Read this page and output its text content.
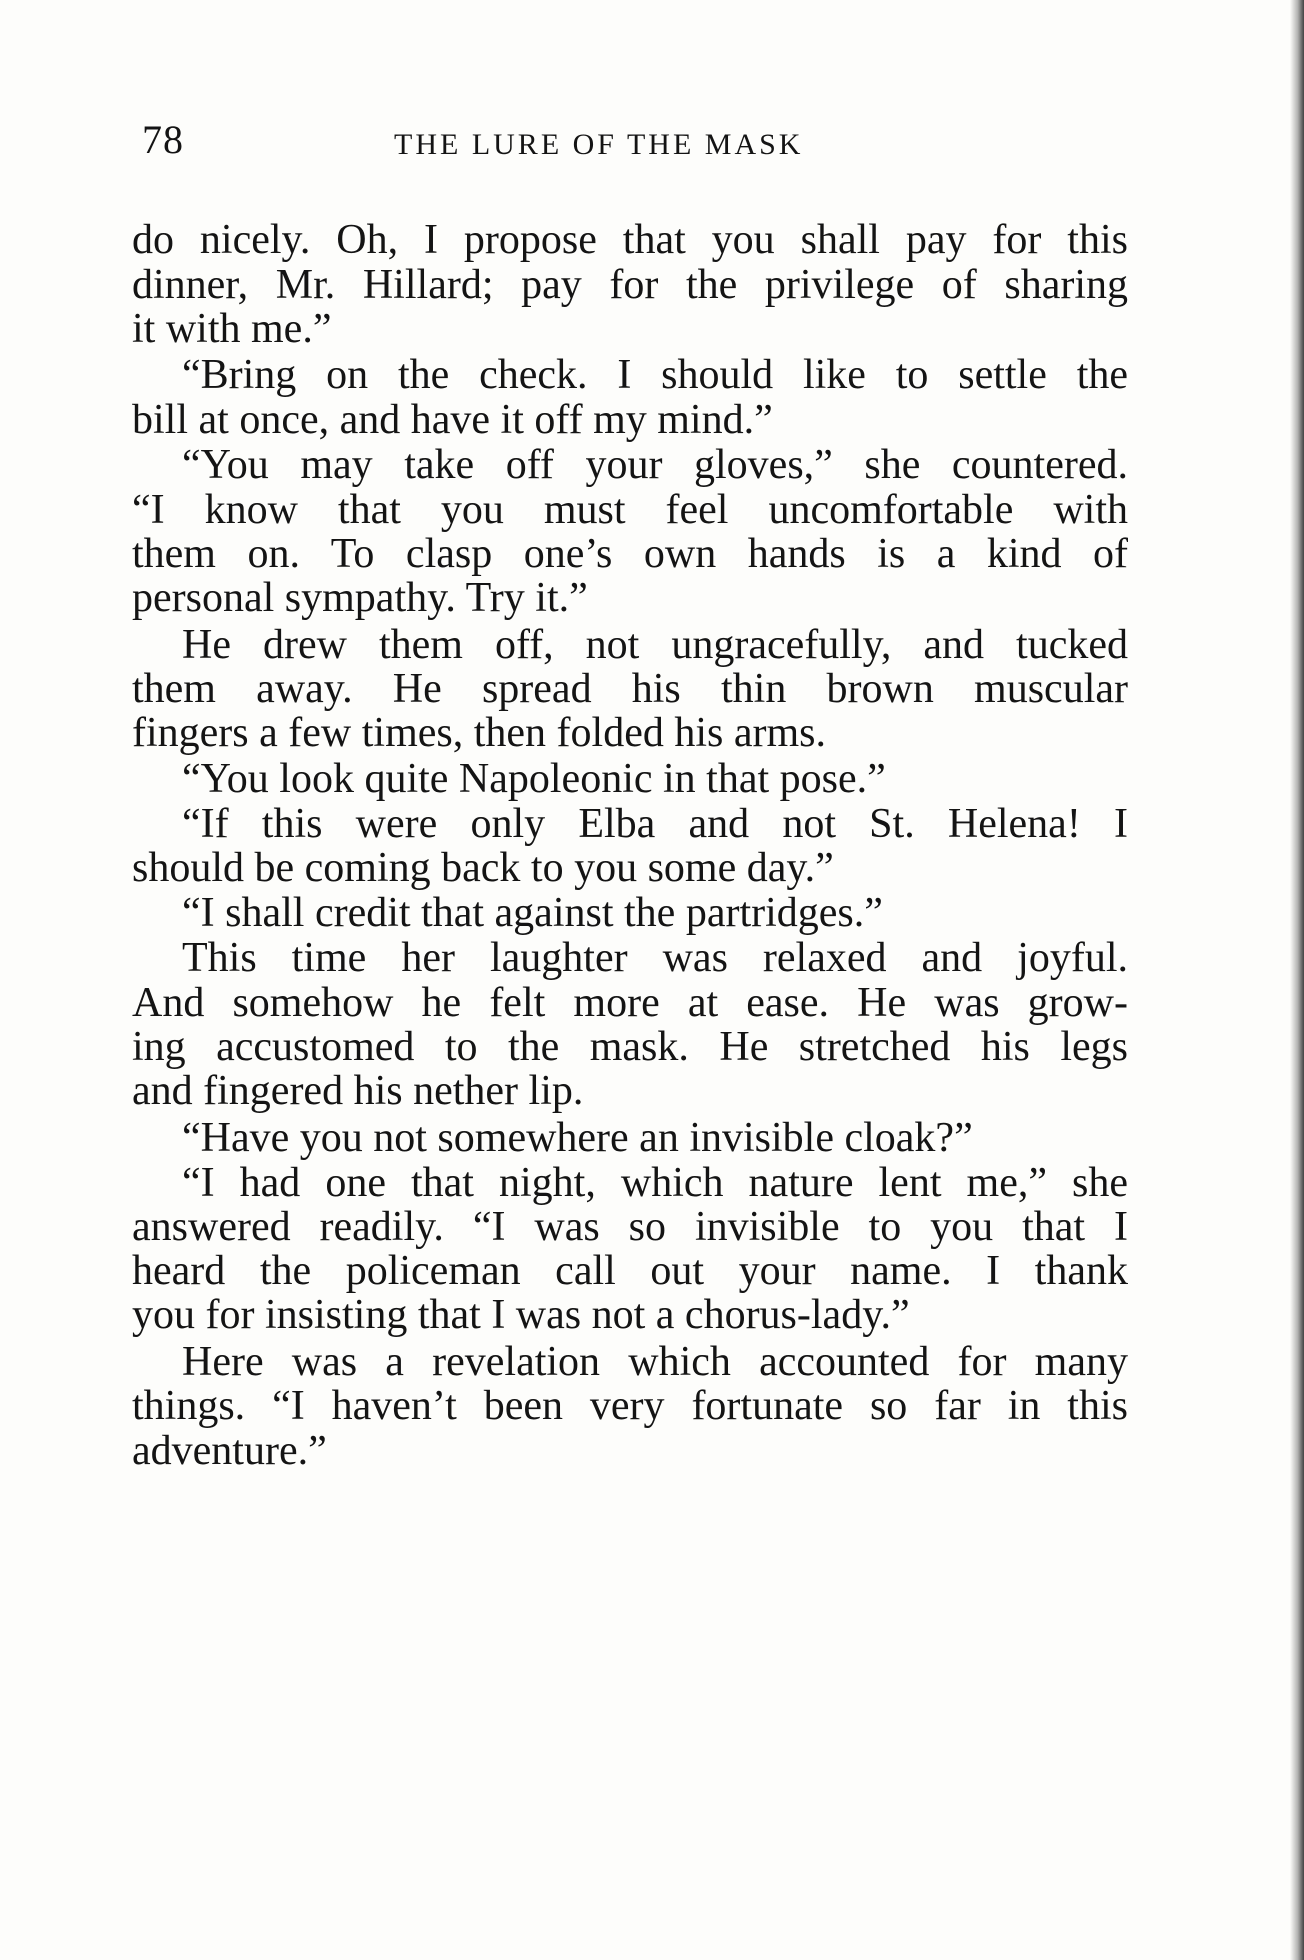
78	THE LURE OF THE MASK
do nicely. Oh, I propose that you shall pay for this
dinner, Mr. Hillard; pay for the privilege of sharing
it with me.”
“Bring on the check. I should like to settle the
bill at once, and have it off my mind.”
“You may take off your gloves,” she countered.
“I know that you must feel uncomfortable with
them on. To clasp one’s own hands is a kind of
personal sympathy. Try it.”
He drew them off, not ungracefully, and tucked
them away. He spread his thin brown muscular
fingers a few times, then folded his arms.
“You look quite Napoleonic in that pose.”
“If this were only Elba and not St. Helena! I
should be coming back to you some day.”
“I shall credit that against the partridges.”
This time her laughter was relaxed and joyful.
And somehow he felt more at ease. He was grow-
ing accustomed to the mask. He stretched his legs
and fingered his nether lip.
“Have you not somewhere an invisible cloak?”
“I had one that night, which nature lent me,” she
answered readily. “I was so invisible to you that I
heard the policeman call out your name. I thank
you for insisting that I was not a chorus-lady.”
Here was a revelation which accounted for many
things. “I haven’t been very fortunate so far in this
adventure.”
